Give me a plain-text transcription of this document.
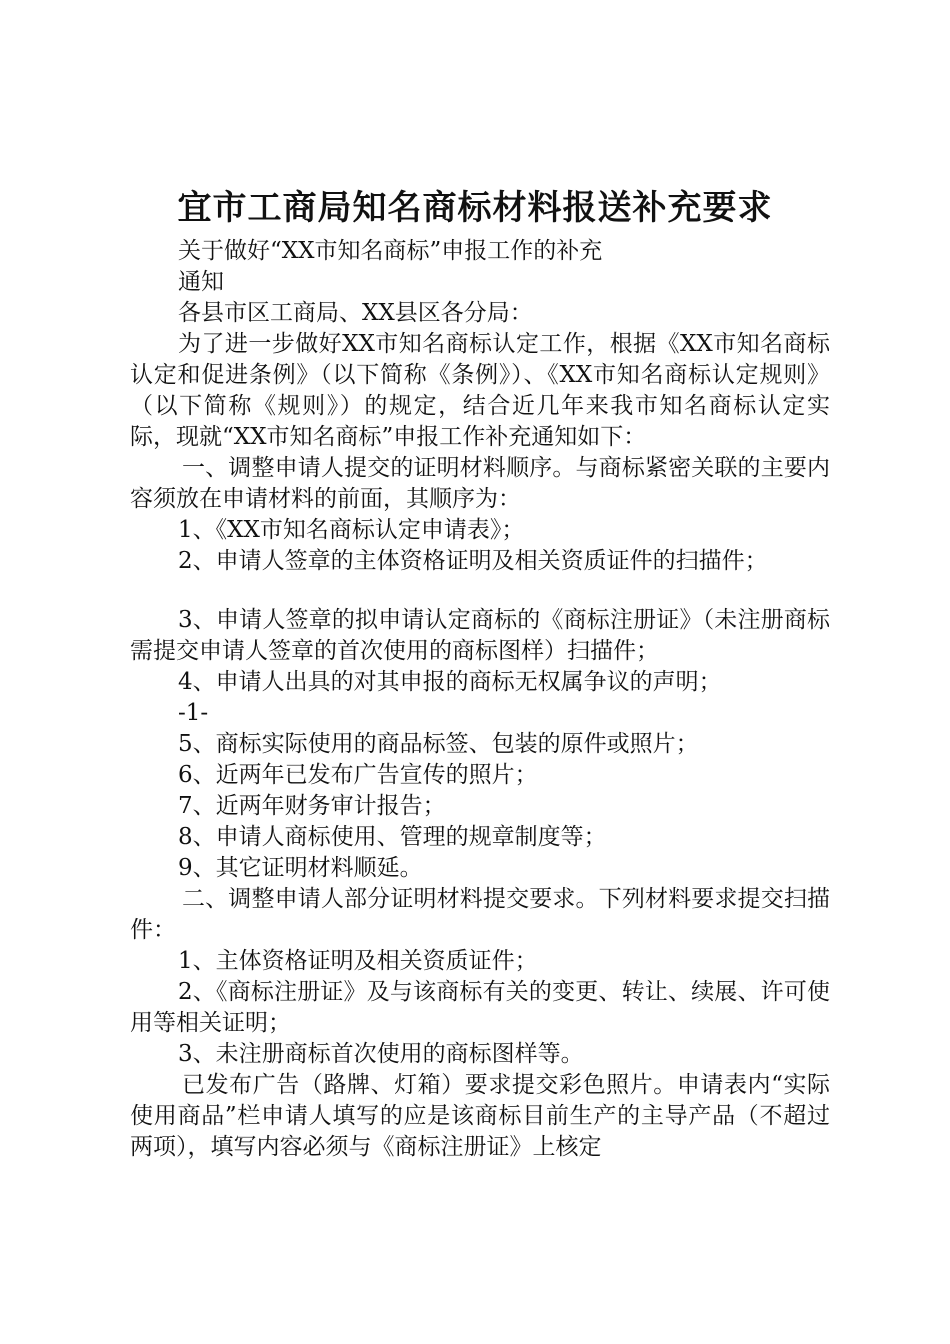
宜市工商局知名商标材料报送补充要求

关于做好“XX市知名商标”申报工作的补充

通知

各县市区工商局、XX县区各分局：

为了进一步做好XX市知名商标认定工作，根据《XX市知名商标认定和促进条例》（以下简称《条例》）、《XX市知名商标认定规则》（以下简称《规则》）的规定，结合近几年来我市知名商标认定实际，现就“XX市知名商标”申报工作补充通知如下：

一、调整申请人提交的证明材料顺序。与商标紧密关联的主要内容须放在申请材料的前面，其顺序为：

1、《XX市知名商标认定申请表》；

2、申请人签章的主体资格证明及相关资质证件的扫描件；

3、申请人签章的拟申请认定商标的《商标注册证》（未注册商标需提交申请人签章的首次使用的商标图样）扫描件；

4、申请人出具的对其申报的商标无权属争议的声明；

-1-

5、商标实际使用的商品标签、包装的原件或照片；

6、近两年已发布广告宣传的照片；

7、近两年财务审计报告；

8、申请人商标使用、管理的规章制度等；

9、其它证明材料顺延。

二、调整申请人部分证明材料提交要求。下列材料要求提交扫描件：

1、主体资格证明及相关资质证件；

2、《商标注册证》及与该商标有关的变更、转让、续展、许可使用等相关证明；

3、未注册商标首次使用的商标图样等。

已发布广告（路牌、灯箱）要求提交彩色照片。申请表内“实际使用商品”栏申请人填写的应是该商标目前生产的主导产品（不超过两项），填写内容必须与《商标注册证》上核定
